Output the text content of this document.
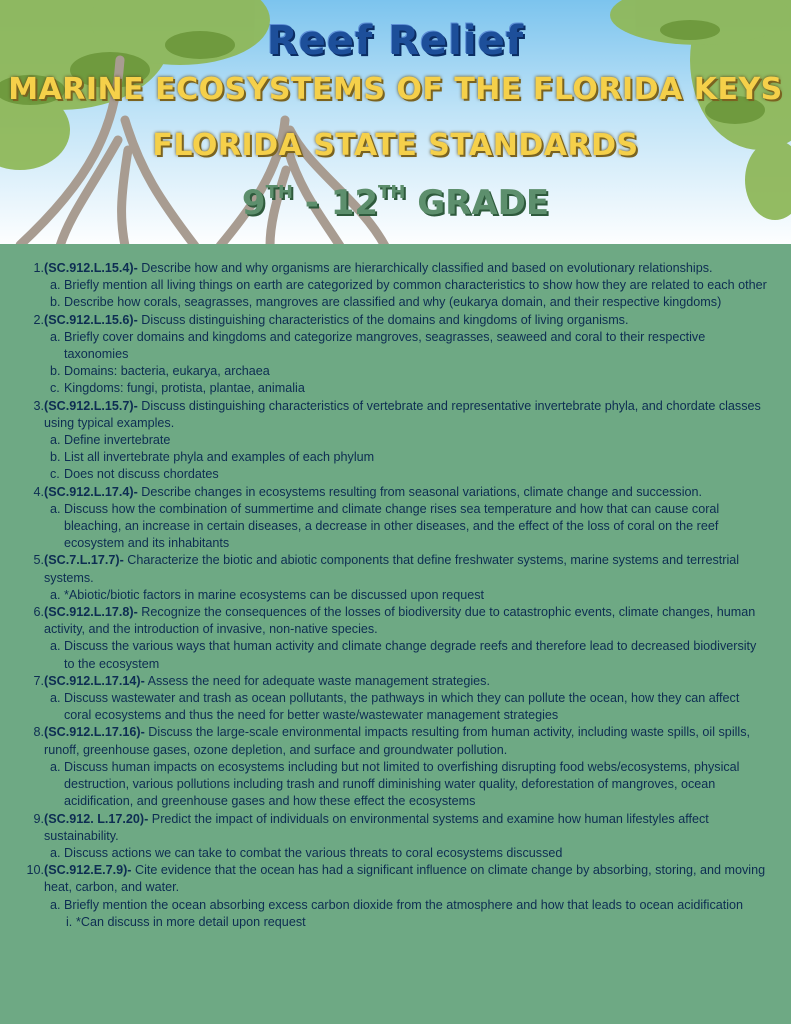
Reef Relief
MARINE ECOSYSTEMS OF THE FLORIDA KEYS
FLORIDA STATE STANDARDS
9TH - 12TH GRADE
1. (SC.912.L.15.4)- Describe how and why organisms are hierarchically classified and based on evolutionary relationships.
a. Briefly mention all living things on earth are categorized by common characteristics to show how they are related to each other
b. Describe how corals, seagrasses, mangroves are classified and why (eukarya domain, and their respective kingdoms)
2. (SC.912.L.15.6)- Discuss distinguishing characteristics of the domains and kingdoms of living organisms.
a. Briefly cover domains and kingdoms and categorize mangroves, seagrasses, seaweed and coral to their respective taxonomies
b. Domains: bacteria, eukarya, archaea
c. Kingdoms: fungi, protista, plantae, animalia
3. (SC.912.L.15.7)- Discuss distinguishing characteristics of vertebrate and representative invertebrate phyla, and chordate classes using typical examples.
a. Define invertebrate
b. List all invertebrate phyla and examples of each phylum
c. Does not discuss chordates
4. (SC.912.L.17.4)- Describe changes in ecosystems resulting from seasonal variations, climate change and succession.
a. Discuss how the combination of summertime and climate change rises sea temperature and how that can cause coral bleaching, an increase in certain diseases, a decrease in other diseases, and the effect of the loss of coral on the reef ecosystem and its inhabitants
5. (SC.7.L.17.7)- Characterize the biotic and abiotic components that define freshwater systems, marine systems and terrestrial systems.
a. *Abiotic/biotic factors in marine ecosystems can be discussed upon request
6. (SC.912.L.17.8)- Recognize the consequences of the losses of biodiversity due to catastrophic events, climate changes, human activity, and the introduction of invasive, non-native species.
a. Discuss the various ways that human activity and climate change degrade reefs and therefore lead to decreased biodiversity to the ecosystem
7. (SC.912.L.17.14)- Assess the need for adequate waste management strategies.
a. Discuss wastewater and trash as ocean pollutants, the pathways in which they can pollute the ocean, how they can affect coral ecosystems and thus the need for better waste/wastewater management strategies
8. (SC.912.L.17.16)- Discuss the large-scale environmental impacts resulting from human activity, including waste spills, oil spills, runoff, greenhouse gases, ozone depletion, and surface and groundwater pollution.
a. Discuss human impacts on ecosystems including but not limited to overfishing disrupting food webs/ecosystems, physical destruction, various pollutions including trash and runoff diminishing water quality, deforestation of mangroves, ocean acidification, and greenhouse gases and how these effect the ecosystems
9. (SC.912. L.17.20)- Predict the impact of individuals on environmental systems and examine how human lifestyles affect sustainability.
a. Discuss actions we can take to combat the various threats to coral ecosystems discussed
10. (SC.912.E.7.9)- Cite evidence that the ocean has had a significant influence on climate change by absorbing, storing, and moving heat, carbon, and water.
a. Briefly mention the ocean absorbing excess carbon dioxide from the atmosphere and how that leads to ocean acidification
i. *Can discuss in more detail upon request
